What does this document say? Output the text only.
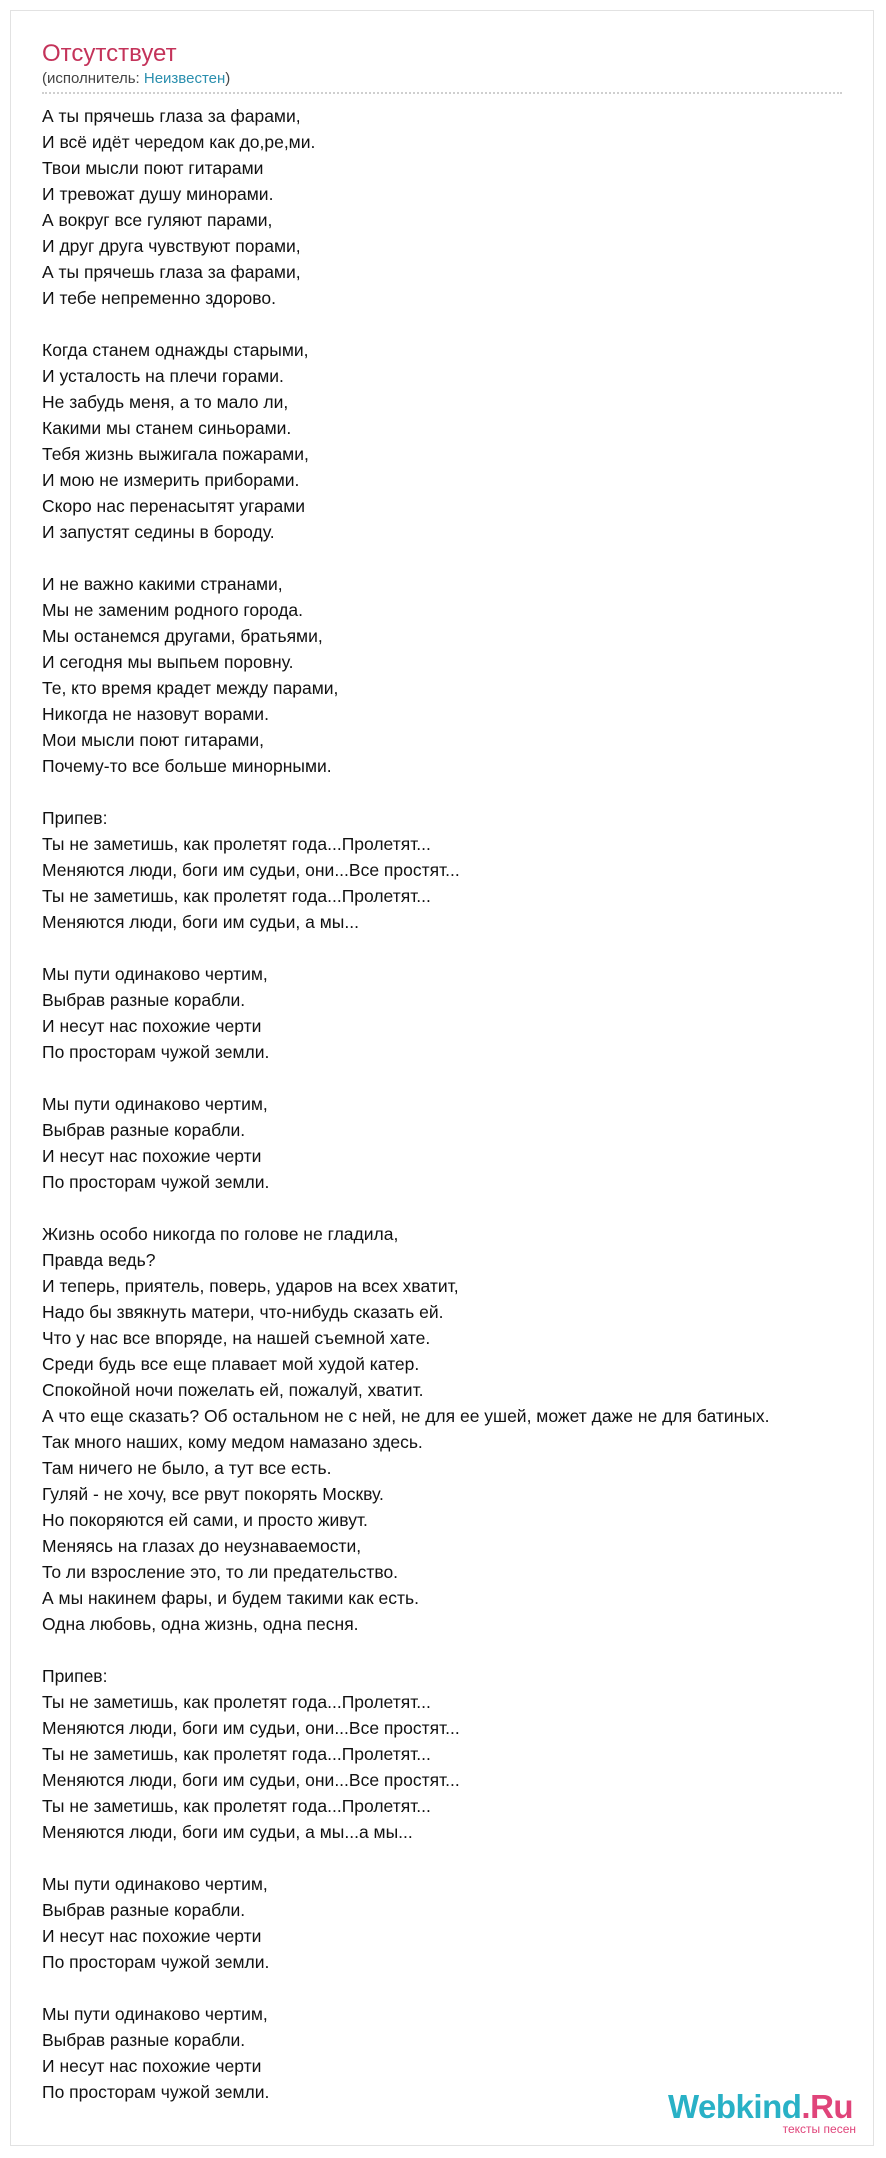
Отсутствует
(исполнитель: Неизвестен)
А ты прячешь глаза за фарами,
И всё идёт чередом как до,ре,ми.
Твои мысли поют гитарами
И тревожат душу минорами.
А вокруг все гуляют парами,
И друг друга чувствуют порами,
А ты прячешь глаза за фарами,
И тебе непременно здорово.

Когда станем однажды старыми,
И усталость на плечи горами.
Не забудь меня, а то мало ли,
Какими мы станем синьорами.
Тебя жизнь выжигала пожарами,
И мою не измерить приборами.
Скоро нас перенасытят угарами
И запустят седины в бороду.

И не важно какими странами,
Мы не заменим родного города.
Мы останемся другами, братьями,
И сегодня мы выпьем поровну.
Те, кто время крадет между парами,
Никогда не назовут ворами.
Мои мысли поют гитарами,
Почему-то все больше минорными.

Припев:
Ты не заметишь, как пролетят года...Пролетят...
Меняются люди, боги им судьи, они...Все простят...
Ты не заметишь, как пролетят года...Пролетят...
Меняются люди, боги им судьи, а мы...

Мы пути одинаково чертим,
Выбрав разные корабли.
И несут нас похожие черти
По просторам чужой земли.

Мы пути одинаково чертим,
Выбрав разные корабли.
И несут нас похожие черти
По просторам чужой земли.

Жизнь особо никогда по голове не гладила,
Правда ведь?
И теперь, приятель, поверь, ударов на всех хватит,
Надо бы звякнуть матери, что-нибудь сказать ей.
Что у нас все впоряде, на нашей съемной хате.
Среди будь все еще плавает мой худой катер.
Спокойной ночи пожелать ей, пожалуй, хватит.
А что еще сказать? Об остальном не с ней, не для ее ушей, может даже не для батиных.
Так много наших, кому медом намазано здесь.
Там ничего не было, а тут все есть.
Гуляй - не хочу, все рвут покорять Москву.
Но покоряются ей сами, и просто живут.
Меняясь на глазах до неузнаваемости,
То ли взросление это, то ли предательство.
А мы накинем фары, и будем такими как есть.
Одна любовь, одна жизнь, одна песня.

Припев:
Ты не заметишь, как пролетят года...Пролетят...
Меняются люди, боги им судьи, они...Все простят...
Ты не заметишь, как пролетят года...Пролетят...
Меняются люди, боги им судьи, они...Все простят...
Ты не заметишь, как пролетят года...Пролетят...
Меняются люди, боги им судьи, а мы...а мы...

Мы пути одинаково чертим,
Выбрав разные корабли.
И несут нас похожие черти
По просторам чужой земли.

Мы пути одинаково чертим,
Выбрав разные корабли.
И несут нас похожие черти
По просторам чужой земли.	Webkind.Ru
тексты песен
